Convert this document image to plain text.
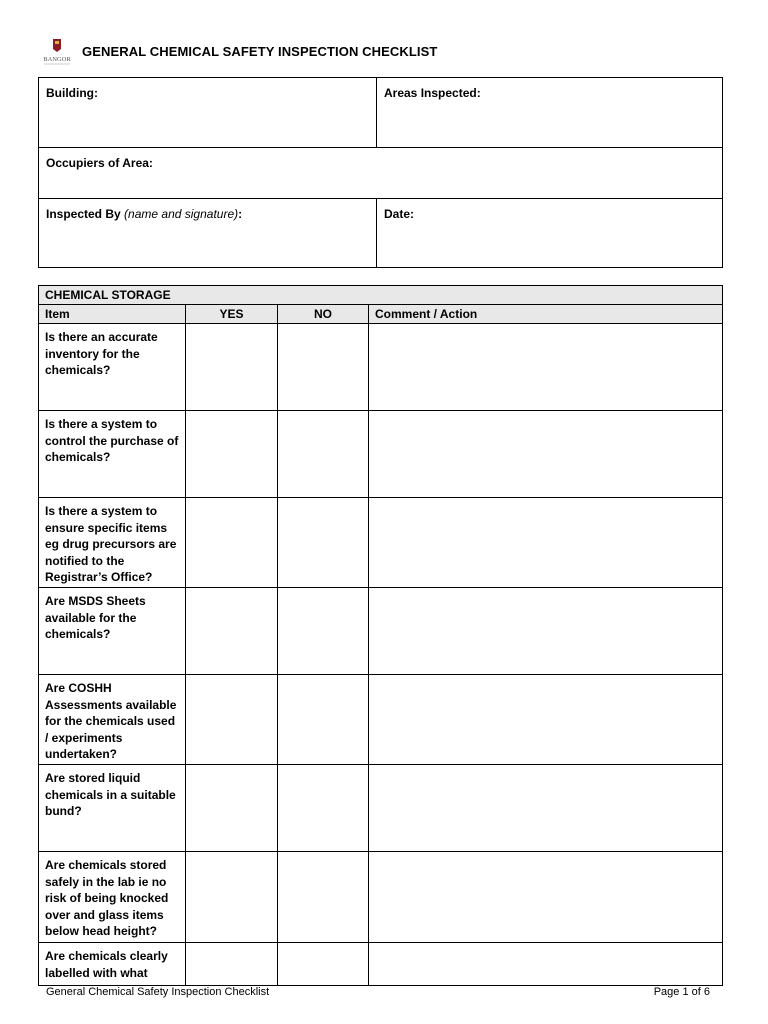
BANGOR
GENERAL CHEMICAL SAFETY INSPECTION CHECKLIST
Building:	Areas Inspected:
Occupiers of Area:	
Inspected By (name and signature):	Date:
CHEMICAL STORAGE			
Item	YES	NO	Comment / Action
Is there an accurate inventory for the chemicals?			
Is there a system to control the purchase of chemicals?			
Is there a system to ensure specific items eg drug precursors are notified to the Registrar’s Office?			
Are MSDS Sheets available for the chemicals?			
Are COSHH Assessments available for the chemicals used / experiments undertaken?			
Are stored liquid chemicals in a suitable bund?			
Are chemicals stored safely in the lab ie no risk of being knocked over and glass items below head height?			
Are chemicals clearly labelled with what			
General Chemical Safety Inspection Checklist	Page 1 of 6
